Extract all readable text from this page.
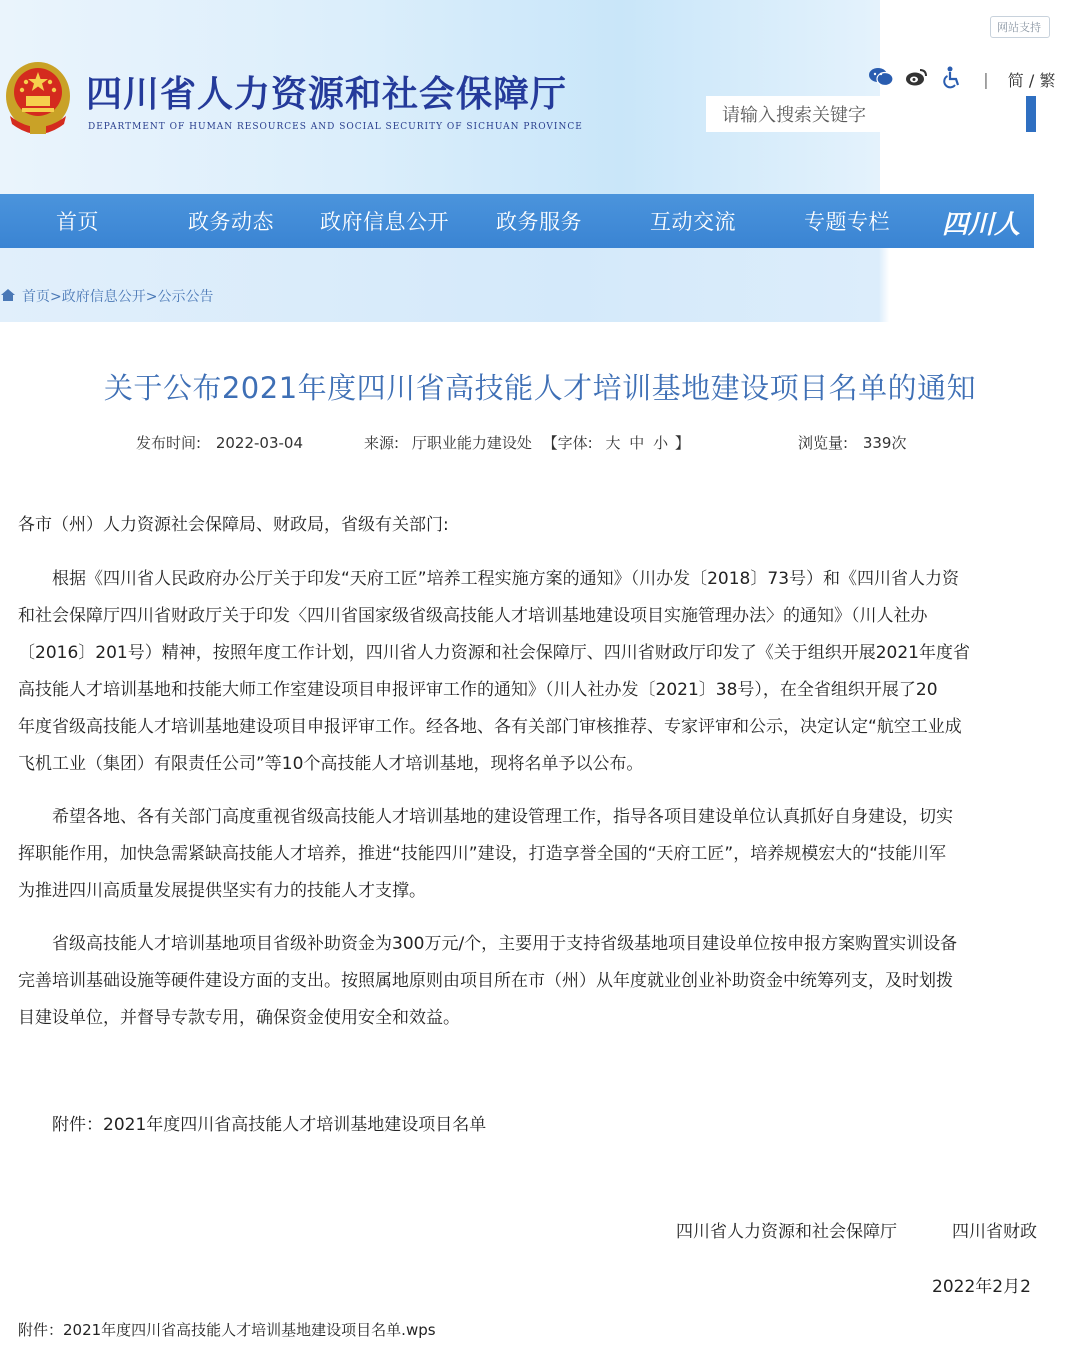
四川省人力资源和社会保障厅
DEPARTMENT OF HUMAN RESOURCES AND SOCIAL SECURITY OF SICHUAN PROVINCE
网站支持
| 简 / 繁
请输入搜索关键字
首页	政务动态 政府信息公开 政务服务	互动交流	专题专栏 四川人
首页>政府信息公开>公示公告
关于公布2021年度四川省高技能人才培训基地建设项目名单的通知
发布时间: 2022-03-04	来源: 厅职业能力建设处 【字体: 大 中 小 】	浏览量: 339次
各市（州）人力资源社会保障局、财政局，省级有关部门:
根据《四川省人民政府办公厅关于印发“天府工匠”培养工程实施方案的通知》（川办发〔2018〕73号）和《四川省人力资
和社会保障厅四川省财政厅关于印发〈四川省国家级省级高技能人才培训基地建设项目实施管理办法〉的通知》（川人社办
〔2016〕201号）精神，按照年度工作计划，四川省人力资源和社会保障厅、四川省财政厅印发了《关于组织开展2021年度省
高技能人才培训基地和技能大师工作室建设项目申报评审工作的通知》（川人社办发〔2021〕38号），在全省组织开展了20
年度省级高技能人才培训基地建设项目申报评审工作。经各地、各有关部门审核推荐、专家评审和公示，决定认定“航空工业成
飞机工业（集团）有限责任公司”等10个高技能人才培训基地，现将名单予以公布。
希望各地、各有关部门高度重视省级高技能人才培训基地的建设管理工作，指导各项目建设单位认真抓好自身建设，切实
挥职能作用，加快急需紧缺高技能人才培养，推进“技能四川”建设，打造享誉全国的“天府工匠”，培养规模宏大的“技能川军
为推进四川高质量发展提供坚实有力的技能人才支撑。
省级高技能人才培训基地项目省级补助资金为300万元/个，主要用于支持省级基地项目建设单位按申报方案购置实训设备
完善培训基础设施等硬件建设方面的支出。按照属地原则由项目所在市（州）从年度就业创业补助资金中统筹列支，及时划拨
目建设单位，并督导专款专用，确保资金使用安全和效益。
附件：2021年度四川省高技能人才培训基地建设项目名单
四川省人力资源和社会保障厅	四川省财政
2022年2月2
附件：2021年度四川省高技能人才培训基地建设项目名单.wps
